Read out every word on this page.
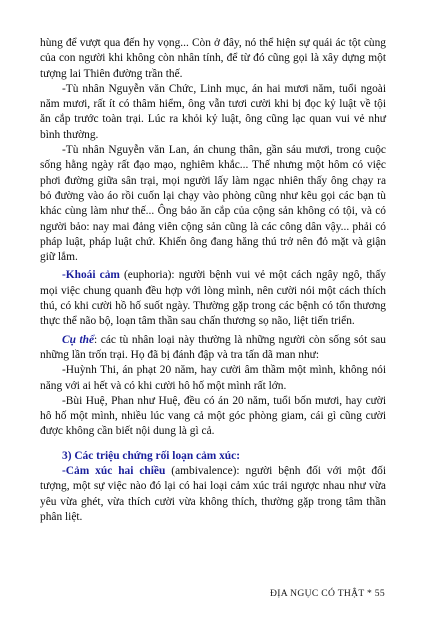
hùng để vượt qua đến hy vọng... Còn ở đây, nó thể hiện sự quái ác tột cùng của con người khi không còn nhân tính, để từ đó cũng gọi là xây dựng một tượng lai Thiên đường trần thế.

-Tù nhân Nguyễn văn Chức, Linh mục, án hai mươi năm, tuổi ngoài năm mươi, rất ít có thâm hiểm, ông vẫn tươi cười khi bị đọc kỷ luật về tội ăn cắp trước toàn trại. Lúc ra khỏi kỷ luật, ông cũng lạc quan vui vẻ như bình thường.

-Tù nhân Nguyễn văn Lan, án chung thân, gần sáu mươi, trong cuộc sống hằng ngày rất đạo mạo, nghiêm khắc... Thế nhưng một hôm có việc phơi đường giữa sân trại, mọi người lấy làm ngạc nhiên thấy ông chạy ra bỏ đường vào áo rồi cuốn lại chạy vào phòng cũng như kêu gọi các bạn tù khác cùng làm như thế... Ông bảo ăn cắp của cộng sản không có tội, và có người bảo: nay mai đảng viên cộng sản cũng là các công dân vậy... phải có pháp luật, pháp luật chứ. Khiến ông đang hăng thú trở nên đỏ mặt và giận giữ lắm.

-Khoái cảm (euphoria): người bệnh vui vẻ một cách ngây ngô, thấy mọi việc chung quanh đều hợp với lòng mình, nên cười nói một cách thích thú, có khi cười hồ hố suốt ngày. Thường gặp trong các bệnh có tổn thương thực thể não bộ, loạn tâm thần sau chấn thương sọ não, liệt tiến triển.

Cụ thể: các tù nhân loại này thường là những người còn sống sót sau những lần trốn trại. Họ đã bị đánh đập và tra tấn dã man như:

-Huỳnh Thi, án phạt 20 năm, hay cười âm thầm một mình, không nói năng với ai hết và có khi cười hô hố một mình rất lớn.

-Bùi Huệ, Phan như Huệ, đều có án 20 năm, tuổi bốn mươi, hay cười hô hố một mình, nhiều lúc vang cả một góc phòng giam, cái gì cũng cười được không cần biết nội dung là gì cả.

3) Các triệu chứng rối loạn cảm xúc:

-Cảm xúc hai chiều (ambivalence): người bệnh đối với một đối tượng, một sự việc nào đó lại có hai loại cảm xúc trái ngược nhau như vừa yêu vừa ghét, vừa thích cười vừa không thích, thường gặp trong tâm thần phân liệt.

ĐỊA NGỤC CÓ THẬT * 55
